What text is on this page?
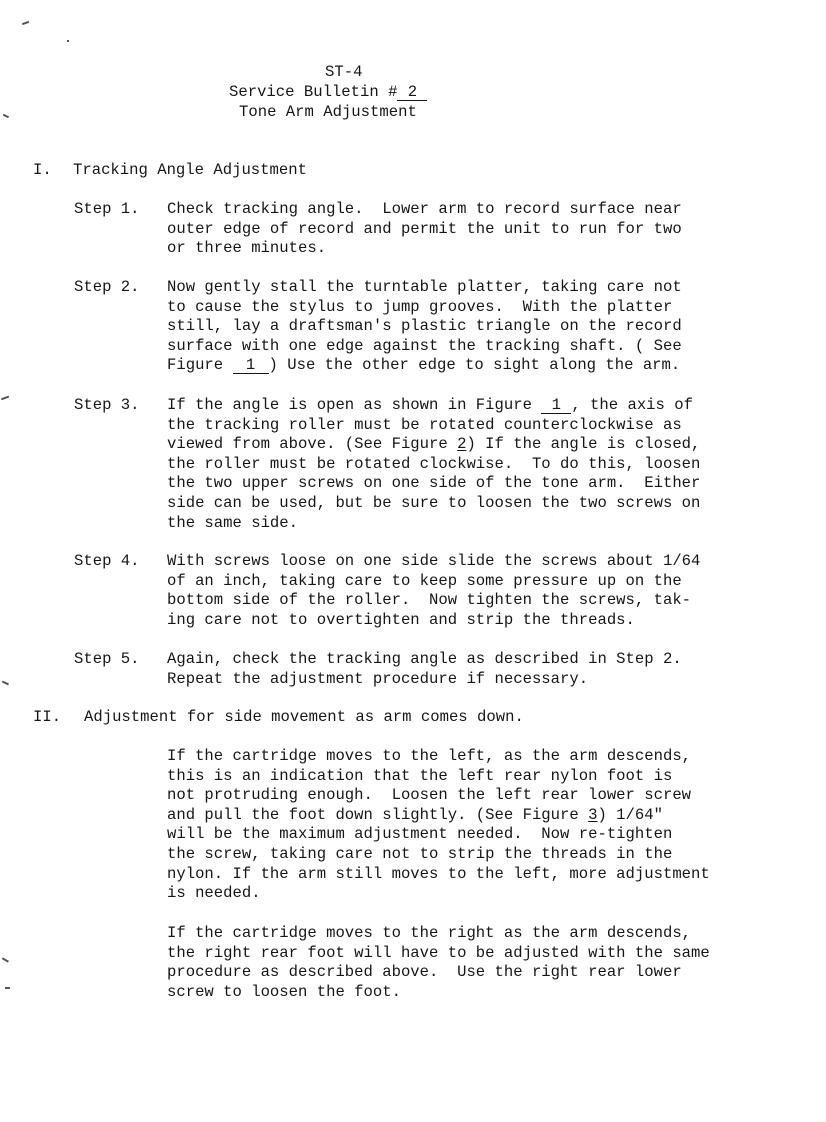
ST-4
Service Bulletin # 2
Tone Arm Adjustment
I. Tracking Angle Adjustment
Step 1. Check tracking angle.  Lower arm to record surface near
outer edge of record and permit the unit to run for two
or three minutes.
Step 2. Now gently stall the turntable platter, taking care not
to cause the stylus to jump grooves.  With the platter
still, lay a draftsman's plastic triangle on the record
surface with one edge against the tracking shaft. ( See
Figure 1 ) Use the other edge to sight along the arm.
Step 3. If the angle is open as shown in Figure 1 , the axis of
the tracking roller must be rotated counterclockwise as
viewed from above. (See Figure 2) If the angle is closed,
the roller must be rotated clockwise.  To do this, loosen
the two upper screws on one side of the tone arm.  Either
side can be used, but be sure to loosen the two screws on
the same side.
Step 4. With screws loose on one side slide the screws about 1/64
of an inch, taking care to keep some pressure up on the
bottom side of the roller.  Now tighten the screws, tak-
ing care not to overtighten and strip the threads.
Step 5. Again, check the tracking angle as described in Step 2.
Repeat the adjustment procedure if necessary.
II. Adjustment for side movement as arm comes down.
If the cartridge moves to the left, as the arm descends,
this is an indication that the left rear nylon foot is
not protruding enough.  Loosen the left rear lower screw
and pull the foot down slightly. (See Figure 3) 1/64"
will be the maximum adjustment needed.  Now re-tighten
the screw, taking care not to strip the threads in the
nylon. If the arm still moves to the left, more adjustment
is needed.
If the cartridge moves to the right as the arm descends,
the right rear foot will have to be adjusted with the same
procedure as described above.  Use the right rear lower
screw to loosen the foot.
